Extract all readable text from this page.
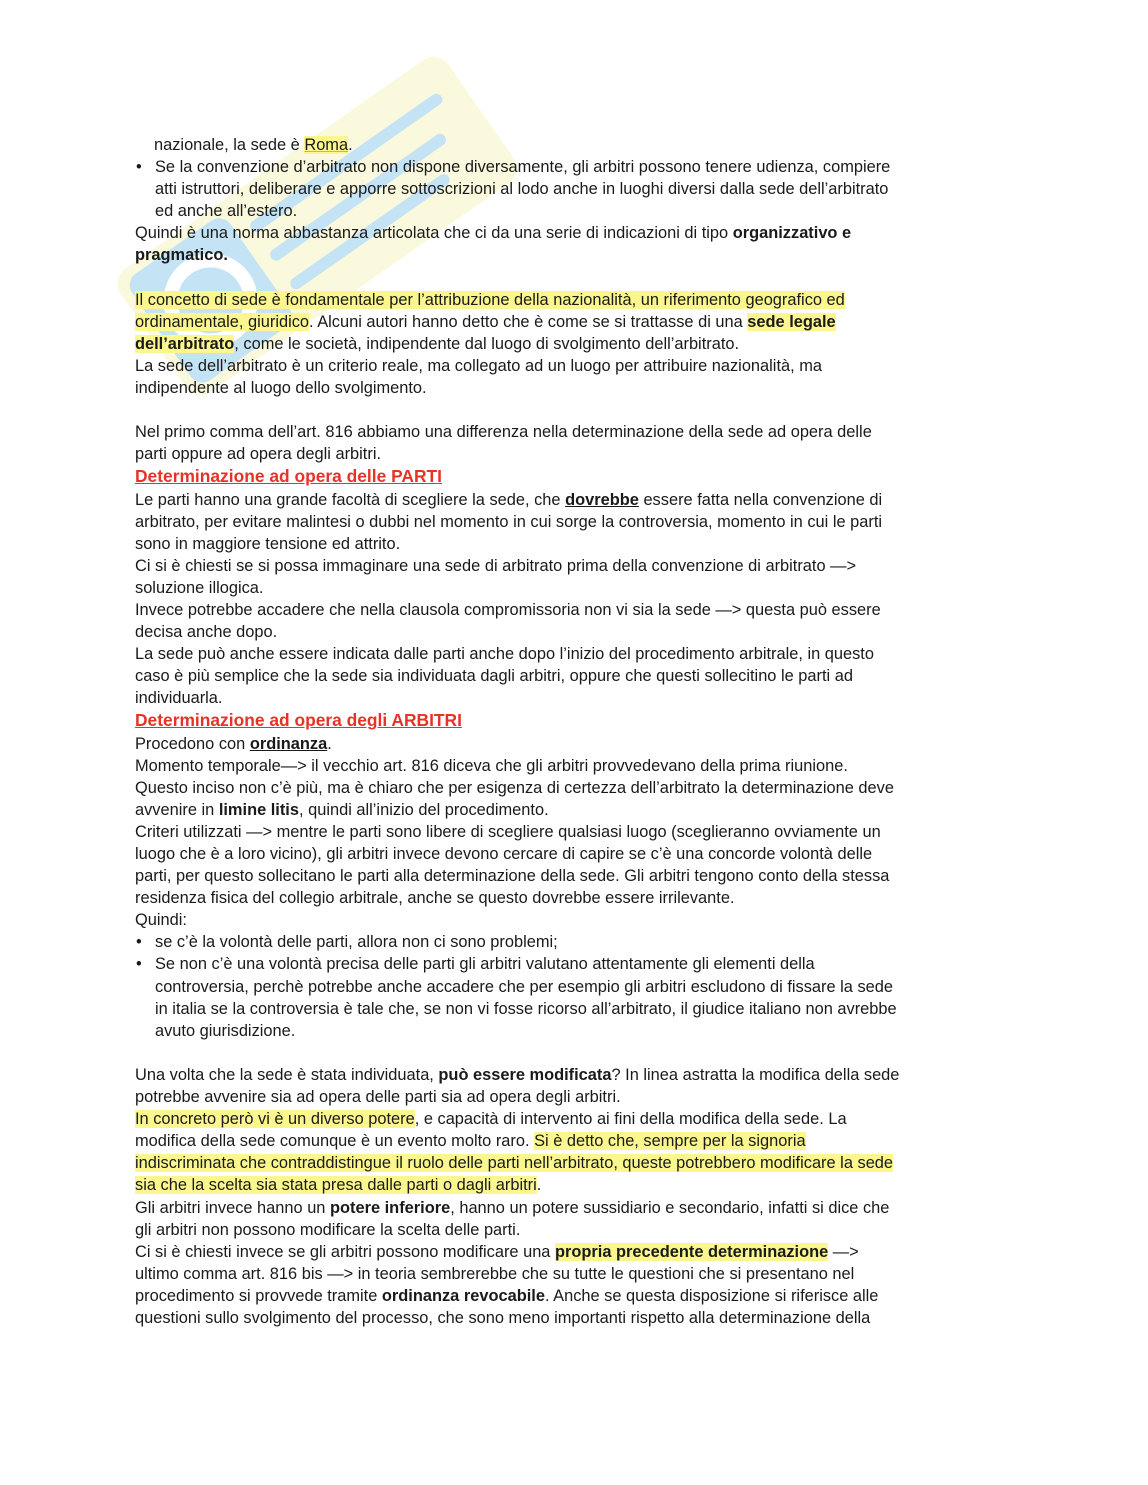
nazionale, la sede è Roma.
• Se la convenzione d’arbitrato non dispone diversamente, gli arbitri possono tenere udienza, compiere
atti istruttori, deliberare e apporre sottoscrizioni al lodo anche in luoghi diversi dalla sede dell’arbitrato
ed anche all’estero.
Quindi è una norma abbastanza articolata che ci da una serie di indicazioni di tipo organizzativo e
pragmatico.
Il concetto di sede è fondamentale per l’attribuzione della nazionalità, un riferimento geografico ed
ordinamentale, giuridico. Alcuni autori hanno detto che è come se si trattasse di una sede legale
dell’arbitrato, come le società, indipendente dal luogo di svolgimento dell’arbitrato.
La sede dell’arbitrato è un criterio reale, ma collegato ad un luogo per attribuire nazionalità, ma
indipendente al luogo dello svolgimento.
Nel primo comma dell’art. 816 abbiamo una differenza nella determinazione della sede ad opera delle
parti oppure ad opera degli arbitri.
Determinazione ad opera delle PARTI
Le parti hanno una grande facoltà di scegliere la sede, che dovrebbe essere fatta nella convenzione di
arbitrato, per evitare malintesi o dubbi nel momento in cui sorge la controversia, momento in cui le parti
sono in maggiore tensione ed attrito.
Ci si è chiesti se si possa immaginare una sede di arbitrato prima della convenzione di arbitrato —>
soluzione illogica.
Invece potrebbe accadere che nella clausola compromissoria non vi sia la sede —> questa può essere
decisa anche dopo.
La sede può anche essere indicata dalle parti anche dopo l’inizio del procedimento arbitrale, in questo
caso è più semplice che la sede sia individuata dagli arbitri, oppure che questi sollecitino le parti ad
individuarla.
Determinazione ad opera degli ARBITRI
Procedono con ordinanza.
Momento temporale—> il vecchio art. 816 diceva che gli arbitri provvedevano della prima riunione.
Questo inciso non c’è più, ma è chiaro che per esigenza di certezza dell’arbitrato la determinazione deve
avvenire in limine litis, quindi all’inizio del procedimento.
Criteri utilizzati —> mentre le parti sono libere di scegliere qualsiasi luogo (sceglieranno ovviamente un
luogo che è a loro vicino), gli arbitri invece devono cercare di capire se c’è una concorde volontà delle
parti, per questo sollecitano le parti alla determinazione della sede. Gli arbitri tengono conto della stessa
residenza fisica del collegio arbitrale, anche se questo dovrebbe essere irrilevante.
Quindi:
• se c’è la volontà delle parti, allora non ci sono problemi;
• Se non c’è una volontà precisa delle parti gli arbitri valutano attentamente gli elementi della
controversia, perchè potrebbe anche accadere che per esempio gli arbitri escludono di fissare la sede
in italia se la controversia è tale che, se non vi fosse ricorso all’arbitrato, il giudice italiano non avrebbe
avuto giurisdizione.
Una volta che la sede è stata individuata, può essere modificata? In linea astratta la modifica della sede
potrebbe avvenire sia ad opera delle parti sia ad opera degli arbitri.
In concreto però vi è un diverso potere, e capacità di intervento ai fini della modifica della sede. La
modifica della sede comunque è un evento molto raro. Si è detto che, sempre per la signoria
indiscriminata che contraddistingue il ruolo delle parti nell’arbitrato, queste potrebbero modificare la sede
sia che la scelta sia stata presa dalle parti o dagli arbitri.
Gli arbitri invece hanno un potere inferiore, hanno un potere sussidiario e secondario, infatti si dice che
gli arbitri non possono modificare la scelta delle parti.
Ci si è chiesti invece se gli arbitri possono modificare una propria precedente determinazione —>
ultimo comma art. 816 bis —> in teoria sembrerebbe che su tutte le questioni che si presentano nel
procedimento si provvede tramite ordinanza revocabile. Anche se questa disposizione si riferisce alle
questioni sullo svolgimento del processo, che sono meno importanti rispetto alla determinazione della
